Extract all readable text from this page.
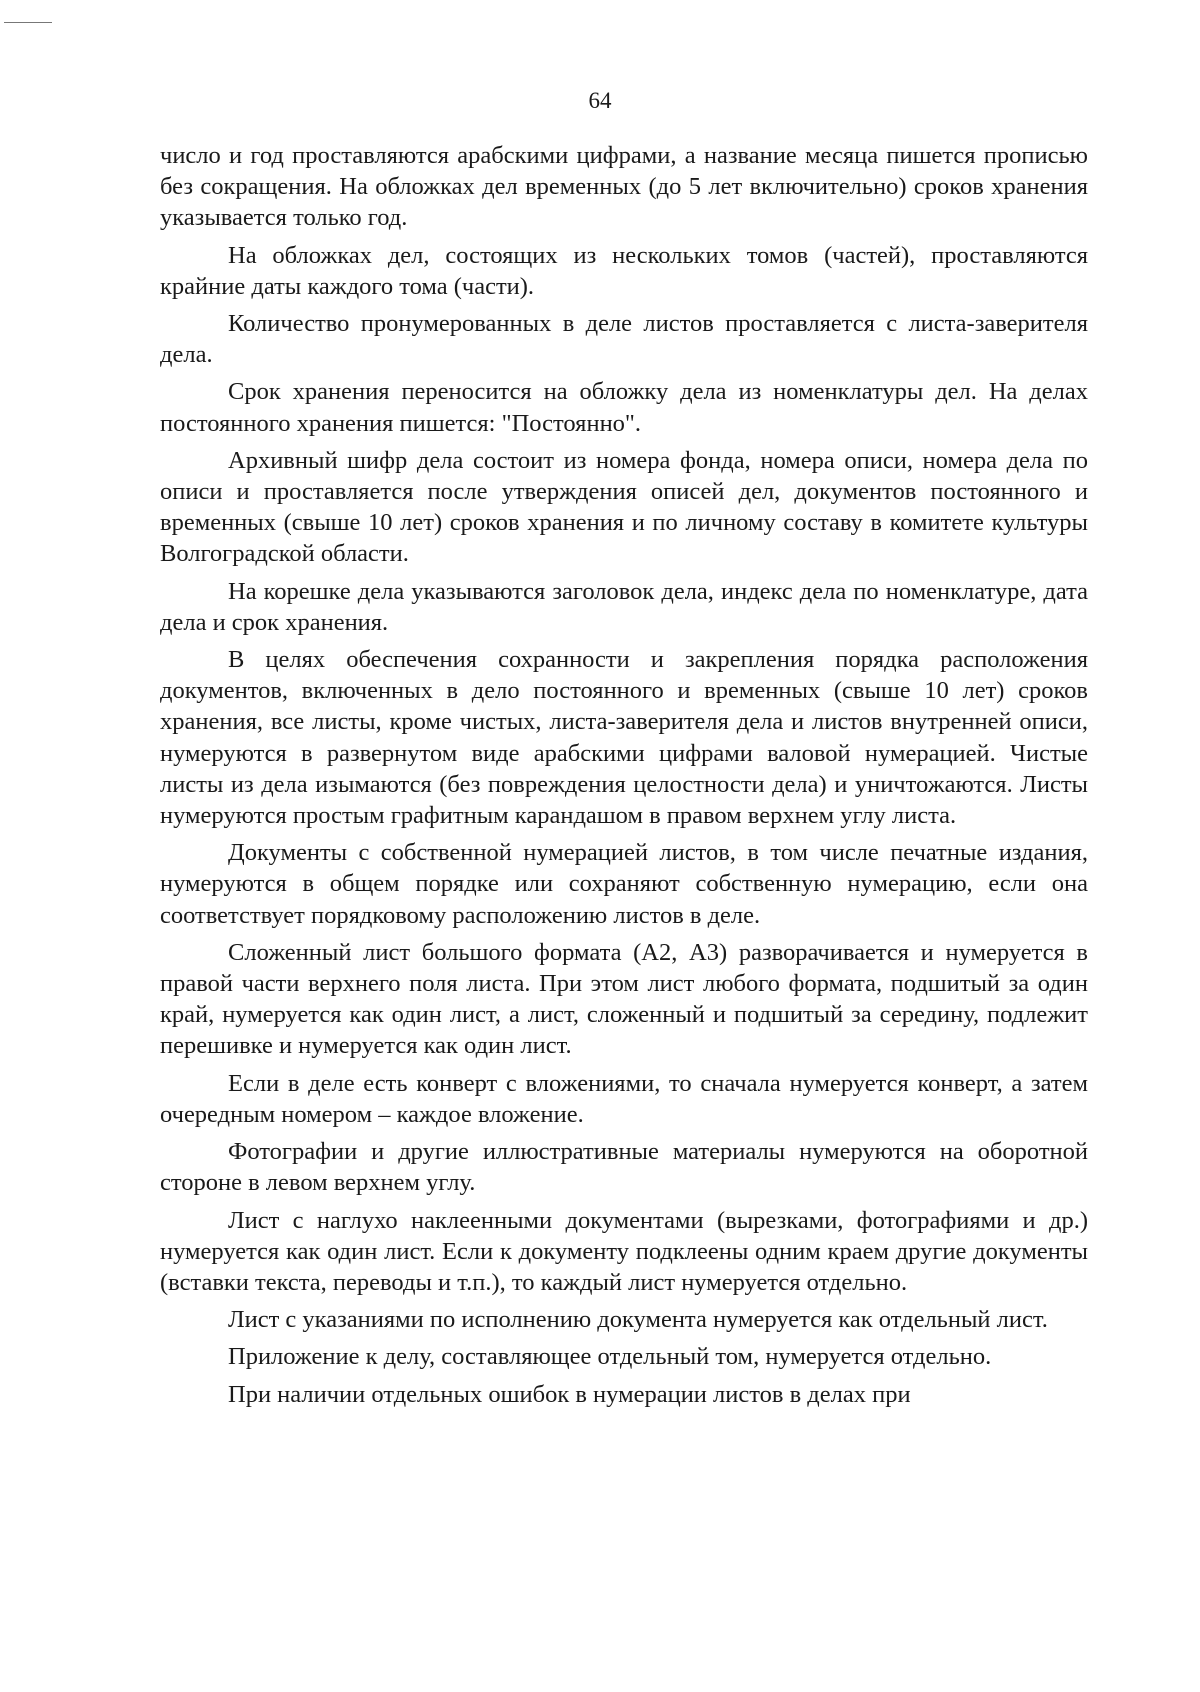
64

число и год проставляются арабскими цифрами, а название месяца пишется прописью без сокращения. На обложках дел временных (до 5 лет включительно) сроков хранения указывается только год.

На обложках дел, состоящих из нескольких томов (частей), проставляются крайние даты каждого тома (части).

Количество пронумерованных в деле листов проставляется с листа-заверителя дела.

Срок хранения переносится на обложку дела из номенклатуры дел. На делах постоянного хранения пишется: "Постоянно".

Архивный шифр дела состоит из номера фонда, номера описи, номера дела по описи и проставляется после утверждения описей дел, документов постоянного и временных (свыше 10 лет) сроков хранения и по личному составу в комитете культуры Волгоградской области.

На корешке дела указываются заголовок дела, индекс дела по номенклатуре, дата дела и срок хранения.

В целях обеспечения сохранности и закрепления порядка расположения документов, включенных в дело постоянного и временных (свыше 10 лет) сроков хранения, все листы, кроме чистых, листа-заверителя дела и листов внутренней описи, нумеруются в развернутом виде арабскими цифрами валовой нумерацией. Чистые листы из дела изымаются (без повреждения целостности дела) и уничтожаются. Листы нумеруются простым графитным карандашом в правом верхнем углу листа.

Документы с собственной нумерацией листов, в том числе печатные издания, нумеруются в общем порядке или сохраняют собственную нумерацию, если она соответствует порядковому расположению листов в деле.

Сложенный лист большого формата (А2, А3) разворачивается и нумеруется в правой части верхнего поля листа. При этом лист любого формата, подшитый за один край, нумеруется как один лист, а лист, сложенный и подшитый за середину, подлежит перешивке и нумеруется как один лист.

Если в деле есть конверт с вложениями, то сначала нумеруется конверт, а затем очередным номером – каждое вложение.

Фотографии и другие иллюстративные материалы нумеруются на оборотной стороне в левом верхнем углу.

Лист с наглухо наклеенными документами (вырезками, фотографиями и др.) нумеруется как один лист. Если к документу подклеены одним краем другие документы (вставки текста, переводы и т.п.), то каждый лист нумеруется отдельно.

Лист с указаниями по исполнению документа нумеруется как отдельный лист.

Приложение к делу, составляющее отдельный том, нумеруется отдельно.

При наличии отдельных ошибок в нумерации листов в делах при
